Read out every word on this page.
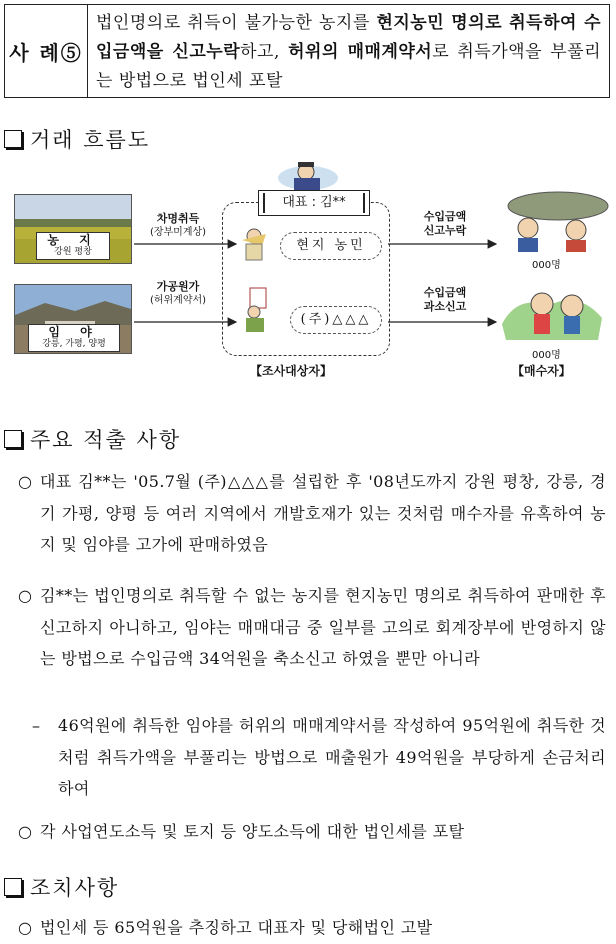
사 례⑤
법인명의로 취득이 불가능한 농지를 현지농민 명의로 취득하여 수입금액을 신고누락하고, 허위의 매매계약서로 취득가액을 부풀리는 방법으로 법인세 포탈
거래 흐름도
농 지
강원 평창
임 야
강릉, 가평, 양평
차명취득
(장부미계상)
가공원가
(허위계약서)
대표 : 김**
현지 농민
(주)△△△
【조사대상자】
수입금액
신고누락
수입금액
과소신고
000명
000명
【매수자】
주요 적출 사항
○ 대표 김**는 '05.7월 (주)△△△를 설립한 후 '08년도까지 강원 평창, 강릉, 경기 가평, 양평 등 여러 지역에서 개발호재가 있는 것처럼 매수자를 유혹하여 농지 및 임야를 고가에 판매하였음
○ 김**는 법인명의로 취득할 수 없는 농지를 현지농민 명의로 취득하여 판매한 후 신고하지 아니하고, 임야는 매매대금 중 일부를 고의로 회계장부에 반영하지 않는 방법으로 수입금액 34억원을 축소신고 하였을 뿐만 아니라
– 46억원에 취득한 임야를 허위의 매매계약서를 작성하여 95억원에 취득한 것처럼 취득가액을 부풀리는 방법으로 매출원가 49억원을 부당하게 손금처리하여
○ 각 사업연도소득 및 토지 등 양도소득에 대한 법인세를 포탈
조치사항
○ 법인세 등 65억원을 추징하고 대표자 및 당해법인 고발
